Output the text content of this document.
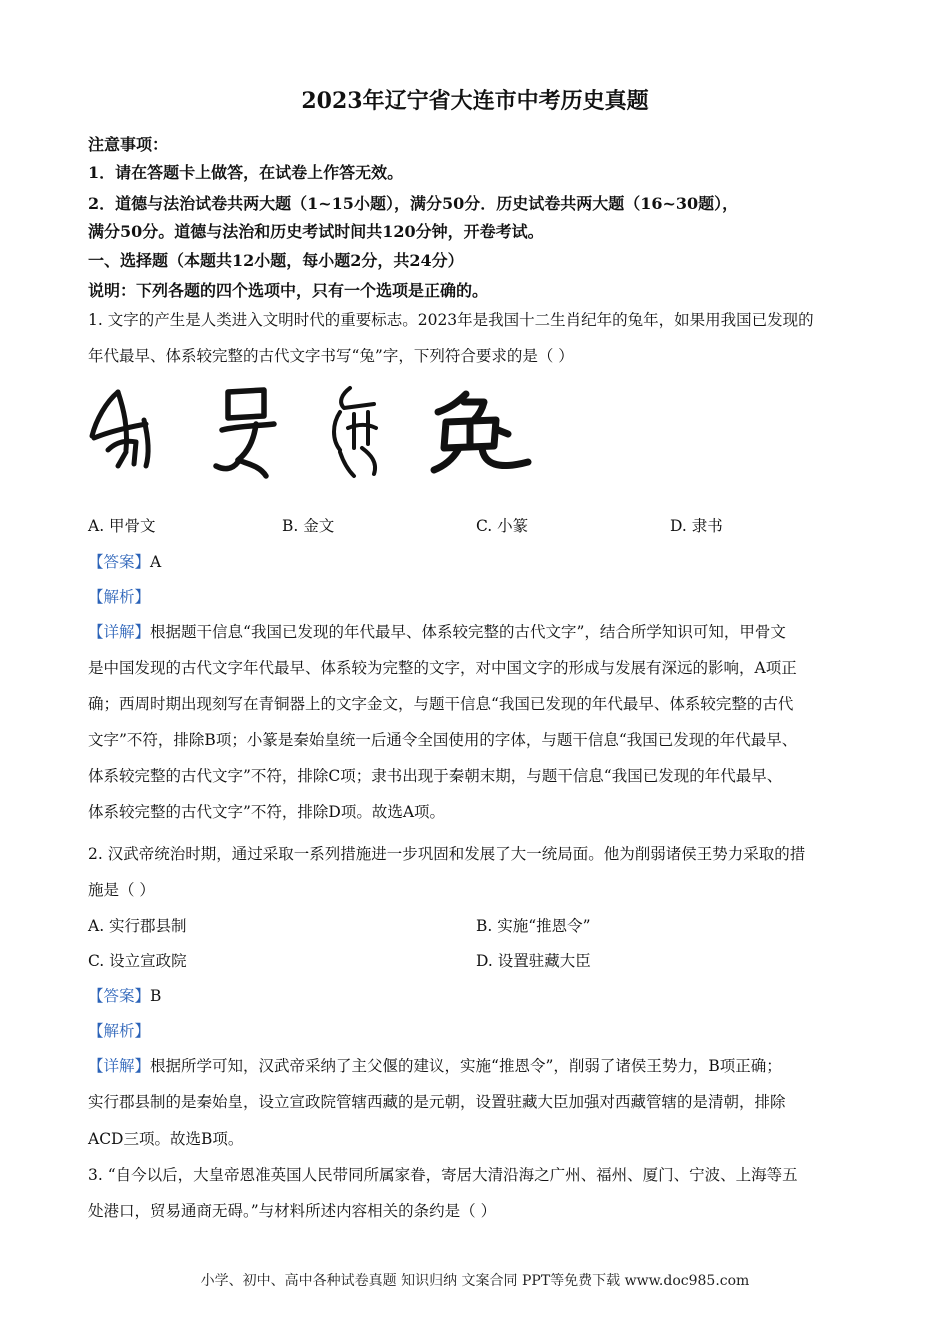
2023年辽宁省大连市中考历史真题
注意事项：
1．请在答题卡上做答，在试卷上作答无效。
2．道德与法治试卷共两大题（1~15小题），满分50分．历史试卷共两大题（16~30题），
满分50分。道德与法治和历史考试时间共120分钟，开卷考试。
一、选择题（本题共12小题，每小题2分，共24分）
说明：下列各题的四个选项中，只有一个选项是正确的。
1. 文字的产生是人类进入文明时代的重要标志。2023年是我国十二生肖纪年的兔年，如果用我国已发现的
年代最早、体系较完整的古代文字书写“兔”字，下列符合要求的是（ ）
A. 甲骨文	B. 金文	C. 小篆	D. 隶书
【答案】A
【解析】
【详解】根据题干信息“我国已发现的年代最早、体系较完整的古代文字”，结合所学知识可知，甲骨文
是中国发现的古代文字年代最早、体系较为完整的文字，对中国文字的形成与发展有深远的影响，A项正
确；西周时期出现刻写在青铜器上的文字金文，与题干信息“我国已发现的年代最早、体系较完整的古代
文字”不符，排除B项；小篆是秦始皇统一后通令全国使用的字体，与题干信息“我国已发现的年代最早、
体系较完整的古代文字”不符，排除C项；隶书出现于秦朝末期，与题干信息“我国已发现的年代最早、
体系较完整的古代文字”不符，排除D项。故选A项。
2. 汉武帝统治时期，通过采取一系列措施进一步巩固和发展了大一统局面。他为削弱诸侯王势力采取的措
施是（ ）
A. 实行郡县制	B. 实施“推恩令”
C. 设立宣政院	D. 设置驻藏大臣
【答案】B
【解析】
【详解】根据所学可知，汉武帝采纳了主父偃的建议，实施“推恩令”，削弱了诸侯王势力，B项正确；
实行郡县制的是秦始皇，设立宣政院管辖西藏的是元朝，设置驻藏大臣加强对西藏管辖的是清朝，排除
ACD三项。故选B项。
3. “自今以后，大皇帝恩准英国人民带同所属家眷，寄居大清沿海之广州、福州、厦门、宁波、上海等五
处港口，贸易通商无碍。”与材料所述内容相关的条约是（ ）
小学、初中、高中各种试卷真题 知识归纳 文案合同 PPT等免费下载 www.doc985.com
